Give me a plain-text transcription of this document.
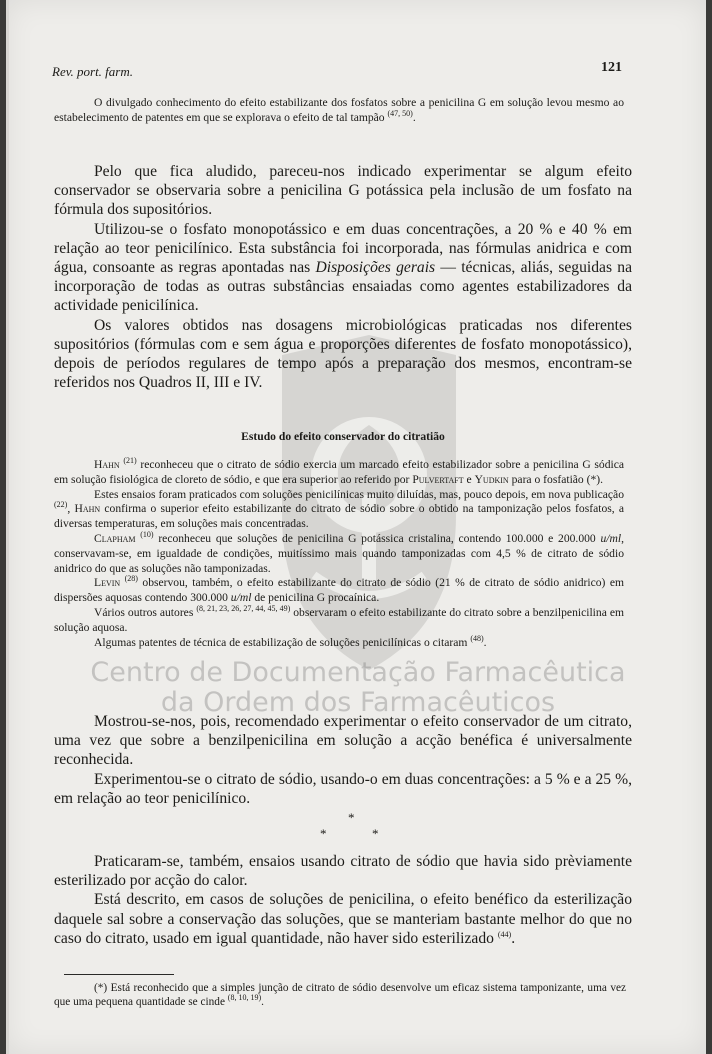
Centro de Documentação Farmacêutica
da Ordem dos Farmacêuticos
Rev. port. farm.	121

O divulgado conhecimento do efeito estabilizante dos fosfatos sobre a penicilina G em solução levou mesmo ao estabelecimento de patentes em que se explorava o efeito de tal tampão $^{(47, 50)}$.

Pelo que fica aludido, pareceu-nos indicado experimentar se algum efeito conservador se observaria sobre a penicilina G potássica pela inclusão de um fosfato na fórmula dos supositórios.

Utilizou-se o fosfato monopotássico e em duas concentrações, a 20 % e 40 % em relação ao teor penicilínico. Esta substância foi incorporada, nas fórmulas anidrica e com água, consoante as regras apontadas nas Disposições gerais — técnicas, aliás, seguidas na incorporação de todas as outras substâncias ensaiadas como agentes estabilizadores da actividade penicilínica.

Os valores obtidos nas dosagens microbiológicas praticadas nos diferentes supositórios (fórmulas com e sem água e proporções diferentes de fosfato monopotássico), depois de períodos regulares de tempo após a preparação dos mesmos, encontram-se referidos nos Quadros II, III e IV.

Estudo do efeito conservador do citratião

Hahn $^{(21)}$ reconheceu que o citrato de sódio exercia um marcado efeito estabilizador sobre a penicilina G sódica em solução fisiológica de cloreto de sódio, e que era superior ao referido por Pulvertaft e Yudkin para o fosfatião (*).

Estes ensaios foram praticados com soluções penicilínicas muito diluídas, mas, pouco depois, em nova publicação $^{(22)}$, Hahn confirma o superior efeito estabilizante do citrato de sódio sobre o obtido na tamponização pelos fosfatos, a diversas temperaturas, em soluções mais concentradas.

Clapham $^{(10)}$ reconheceu que soluções de penicilina G potássica cristalina, contendo 100.000 e 200.000 u/ml, conservavam-se, em igualdade de condições, muitíssimo mais quando tamponizadas com 4,5 % de citrato de sódio anidrico do que as soluções não tamponizadas.

Levin $^{(28)}$ observou, também, o efeito estabilizante do citrato de sódio (21 % de citrato de sódio anidrico) em dispersões aquosas contendo 300.000 u/ml de penicilina G procaínica.

Vários outros autores $^{(8, 21, 23, 26, 27, 44, 45, 49)}$ observaram o efeito estabilizante do citrato sobre a benzilpenicilina em solução aquosa.

Algumas patentes de técnica de estabilização de soluções penicilínicas o citaram $^{(48)}$.

Mostrou-se-nos, pois, recomendado experimentar o efeito conservador de um citrato, uma vez que sobre a benzilpenicilina em solução a acção benéfica é universalmente reconhecida.

Experimentou-se o citrato de sódio, usando-o em duas concentrações: a 5 % e a 25 %, em relação ao teor penicilínico.

*
*	*

Praticaram-se, também, ensaios usando citrato de sódio que havia sido prèviamente esterilizado por acção do calor.

Está descrito, em casos de soluções de penicilina, o efeito benéfico da esterilização daquele sal sobre a conservação das soluções, que se manteriam bastante melhor do que no caso do citrato, usado em igual quantidade, não haver sido esterilizado $^{(44)}$.

(*) Está reconhecido que a simples junção de citrato de sódio desenvolve um eficaz sistema tamponizante, uma vez que uma pequena quantidade se cinde $^{(8, 10, 19)}$.
